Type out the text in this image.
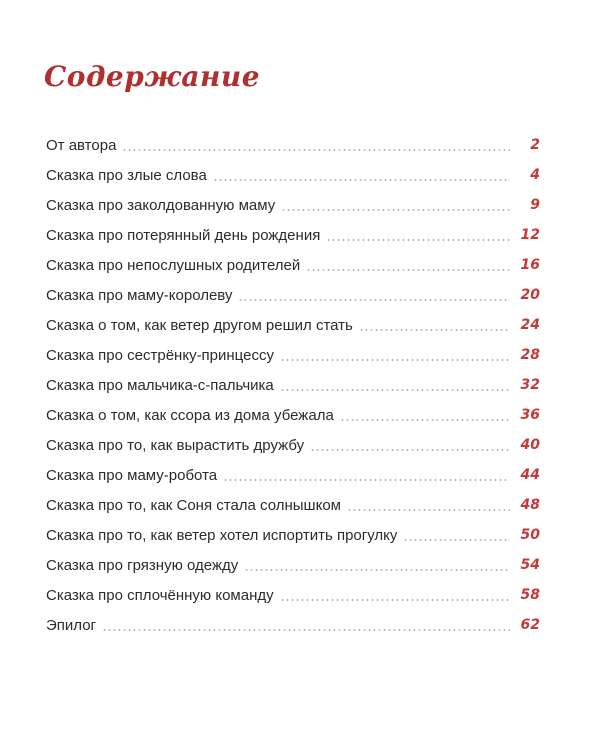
Содержание
От автора	2
Сказка про злые слова	4
Сказка про заколдованную маму	9
Сказка про потерянный день рождения	12
Сказка про непослушных родителей	16
Сказка про маму-королеву	20
Сказка о том, как ветер другом решил стать	24
Сказка про сестрёнку-принцессу	28
Сказка про мальчика-с-пальчика	32
Сказка о том, как ссора из дома убежала	36
Сказка про то, как вырастить дружбу	40
Сказка про маму-робота	44
Сказка про то, как Соня стала солнышком	48
Сказка про то, как ветер хотел испортить прогулку	50
Сказка про грязную одежду	54
Сказка про сплочённую команду	58
Эпилог	62
